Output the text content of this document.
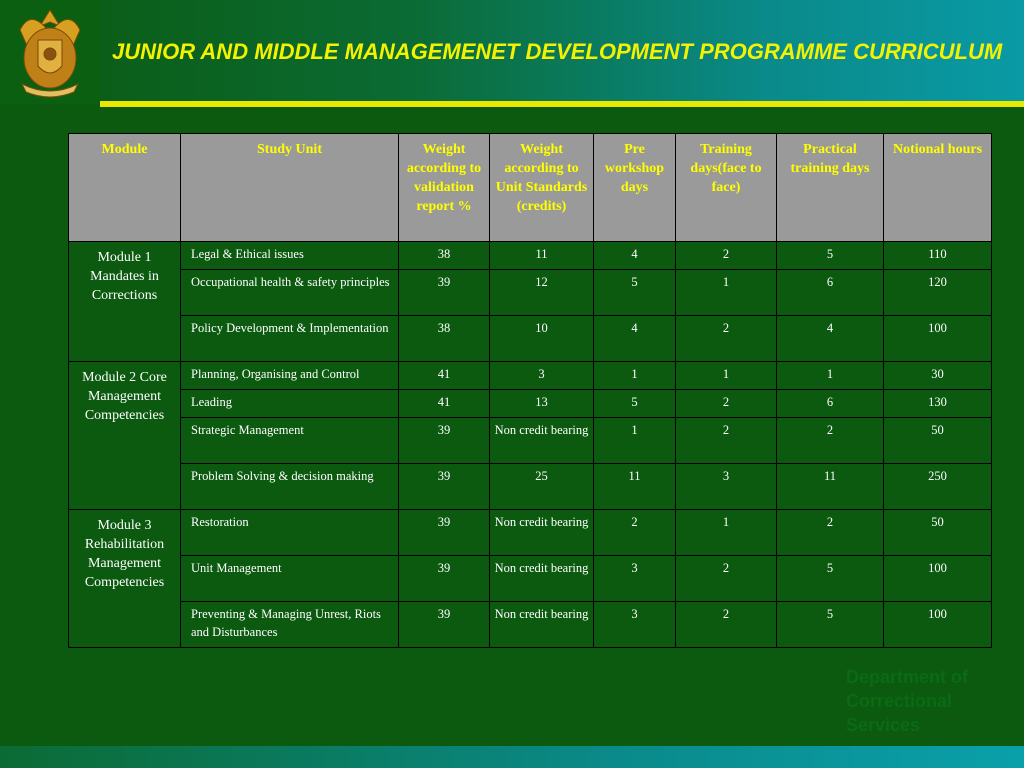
JUNIOR AND MIDDLE MANAGEMENET DEVELOPMENT PROGRAMME CURRICULUM
Module	Study Unit	Weight according to validation report %	Weight according to Unit Standards (credits)	Pre workshop days	Training days(face to face)	Practical training days	Notional hours
Module 1 Mandates in Corrections	Legal & Ethical issues	38	11	4	2	5	110
	Occupational health & safety principles	39	12	5	1	6	120
	Policy Development & Implementation	38	10	4	2	4	100
Module 2 Core Management Competencies	Planning, Organising and Control	41	3	1	1	1	30
	Leading	41	13	5	2	6	130
	Strategic Management	39	Non credit bearing	1	2	2	50
	Problem Solving & decision making	39	25	11	3	11	250
Module 3 Rehabilitation Management Competencies	Restoration	39	Non credit bearing	2	1	2	50
	Unit Management	39	Non credit bearing	3	2	5	100
	Preventing & Managing Unrest, Riots and Disturbances	39	Non credit bearing	3	2	5	100
Department of
Correctional
Services
